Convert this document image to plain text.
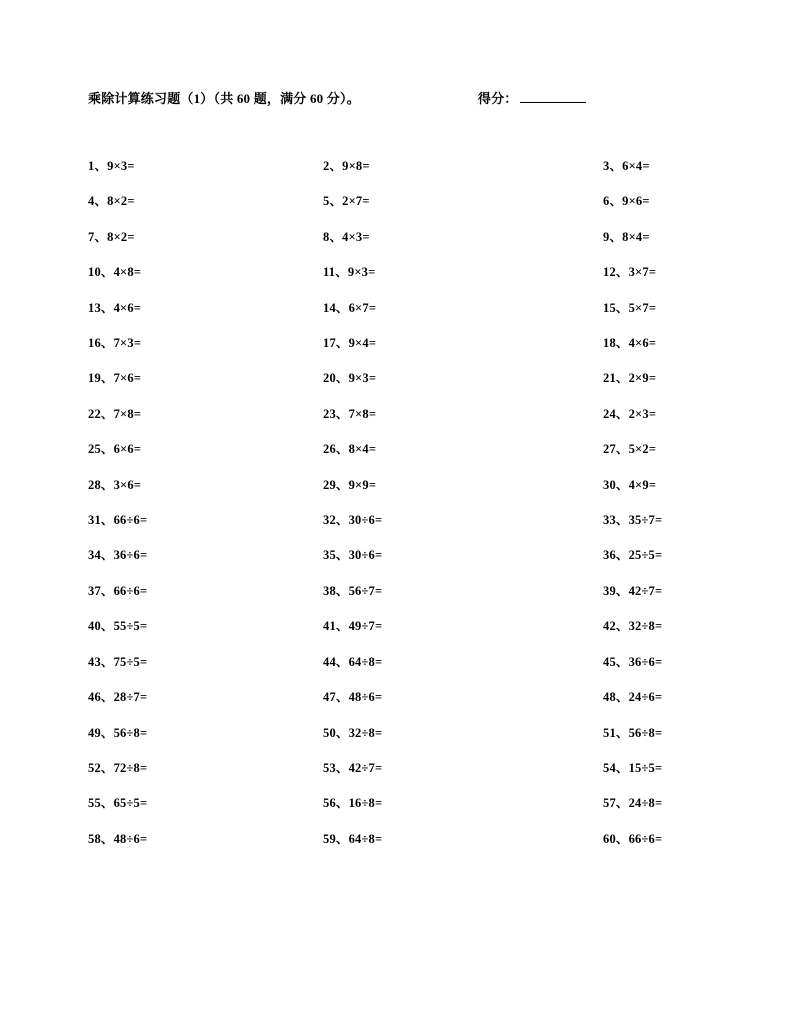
乘除计算练习题（1）（共 60 题，满分 60 分）。	得分：
1、9×3=	2、9×8=	3、6×4=
4、8×2=	5、2×7=	6、9×6=
7、8×2=	8、4×3=	9、8×4=
10、4×8=	11、9×3=	12、3×7=
13、4×6=	14、6×7=	15、5×7=
16、7×3=	17、9×4=	18、4×6=
19、7×6=	20、9×3=	21、2×9=
22、7×8=	23、7×8=	24、2×3=
25、6×6=	26、8×4=	27、5×2=
28、3×6=	29、9×9=	30、4×9=
31、66÷6=	32、30÷6=	33、35÷7=
34、36÷6=	35、30÷6=	36、25÷5=
37、66÷6=	38、56÷7=	39、42÷7=
40、55÷5=	41、49÷7=	42、32÷8=
43、75÷5=	44、64÷8=	45、36÷6=
46、28÷7=	47、48÷6=	48、24÷6=
49、56÷8=	50、32÷8=	51、56÷8=
52、72÷8=	53、42÷7=	54、15÷5=
55、65÷5=	56、16÷8=	57、24÷8=
58、48÷6=	59、64÷8=	60、66÷6=
